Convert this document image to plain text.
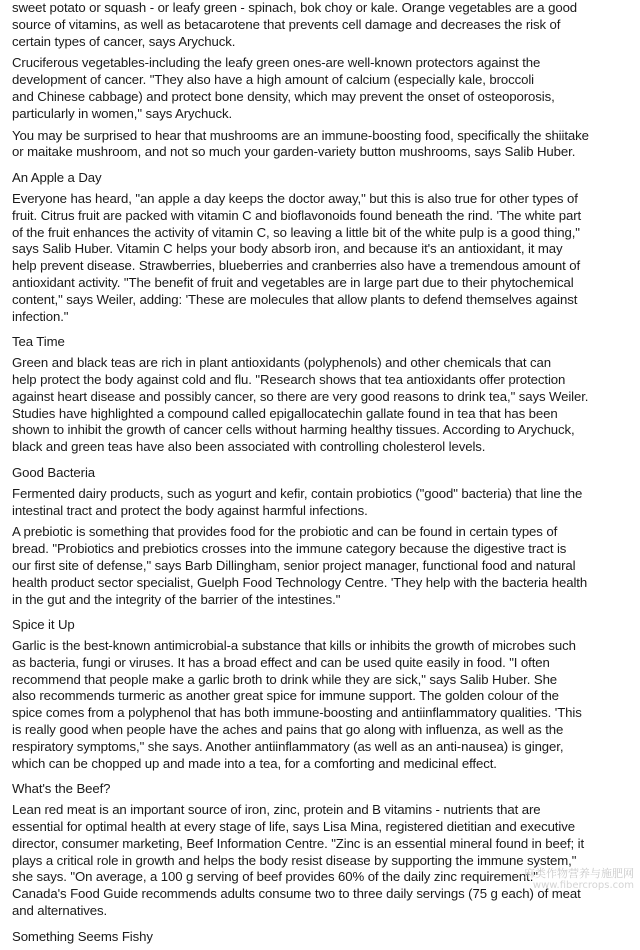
sweet potato or squash - or leafy green - spinach, bok choy or kale. Orange vegetables are a good
source of vitamins, as well as betacarotene that prevents cell damage and decreases the risk of
certain types of cancer, says Arychuck.
Cruciferous vegetables-including the leafy green ones-are well-known protectors against the
development of cancer. "They also have a high amount of calcium (especially kale, broccoli
and Chinese cabbage) and protect bone density, which may prevent the onset of osteoporosis,
particularly in women," says Arychuck.
You may be surprised to hear that mushrooms are an immune-boosting food, specifically the shiitake
or maitake mushroom, and not so much your garden-variety button mushrooms, says Salib Huber.
An Apple a Day
Everyone has heard, "an apple a day keeps the doctor away," but this is also true for other types of
fruit. Citrus fruit are packed with vitamin C and bioflavonoids found beneath the rind. 'The white part
of the fruit enhances the activity of vitamin C, so leaving a little bit of the white pulp is a good thing,"
says Salib Huber. Vitamin C helps your body absorb iron, and because it's an antioxidant, it may
help prevent disease. Strawberries, blueberries and cranberries also have a tremendous amount of
antioxidant activity. "The benefit of fruit and vegetables are in large part due to their phytochemical
content," says Weiler, adding: 'These are molecules that allow plants to defend themselves against
infection."
Tea Time
Green and black teas are rich in plant antioxidants (polyphenols) and other chemicals that can
help protect the body against cold and flu. "Research shows that tea antioxidants offer protection
against heart disease and possibly cancer, so there are very good reasons to drink tea," says Weiler.
Studies have highlighted a compound called epigallocatechin gallate found in tea that has been
shown to inhibit the growth of cancer cells without harming healthy tissues. According to Arychuck,
black and green teas have also been associated with controlling cholesterol levels.
Good Bacteria
Fermented dairy products, such as yogurt and kefir, contain probiotics ("good" bacteria) that line the
intestinal tract and protect the body against harmful infections.
A prebiotic is something that provides food for the probiotic and can be found in certain types of
bread. "Probiotics and prebiotics crosses into the immune category because the digestive tract is
our first site of defense," says Barb Dillingham, senior project manager, functional food and natural
health product sector specialist, Guelph Food Technology Centre. 'They help with the bacteria health
in the gut and the integrity of the barrier of the intestines."
Spice it Up
Garlic is the best-known antimicrobial-a substance that kills or inhibits the growth of microbes such
as bacteria, fungi or viruses. It has a broad effect and can be used quite easily in food. "I often
recommend that people make a garlic broth to drink while they are sick," says Salib Huber. She
also recommends turmeric as another great spice for immune support. The golden colour of the
spice comes from a polyphenol that has both immune-boosting and antiinflammatory qualities. 'This
is really good when people have the aches and pains that go along with influenza, as well as the
respiratory symptoms," she says. Another antiinflammatory (as well as an anti-nausea) is ginger,
which can be chopped up and made into a tea, for a comforting and medicinal effect.
What's the Beef?
Lean red meat is an important source of iron, zinc, protein and B vitamins - nutrients that are
essential for optimal health at every stage of life, says Lisa Mina, registered dietitian and executive
director, consumer marketing, Beef Information Centre. "Zinc is an essential mineral found in beef; it
plays a critical role in growth and helps the body resist disease by supporting the immune system,"
she says. "On average, a 100 g serving of beef provides 60% of the daily zinc requirement."
Canada's Food Guide recommends adults consume two to three daily servings (75 g each) of meat
and alternatives.
Something Seems Fishy
麻类作物营养与施肥网
www.fibercrops.com
